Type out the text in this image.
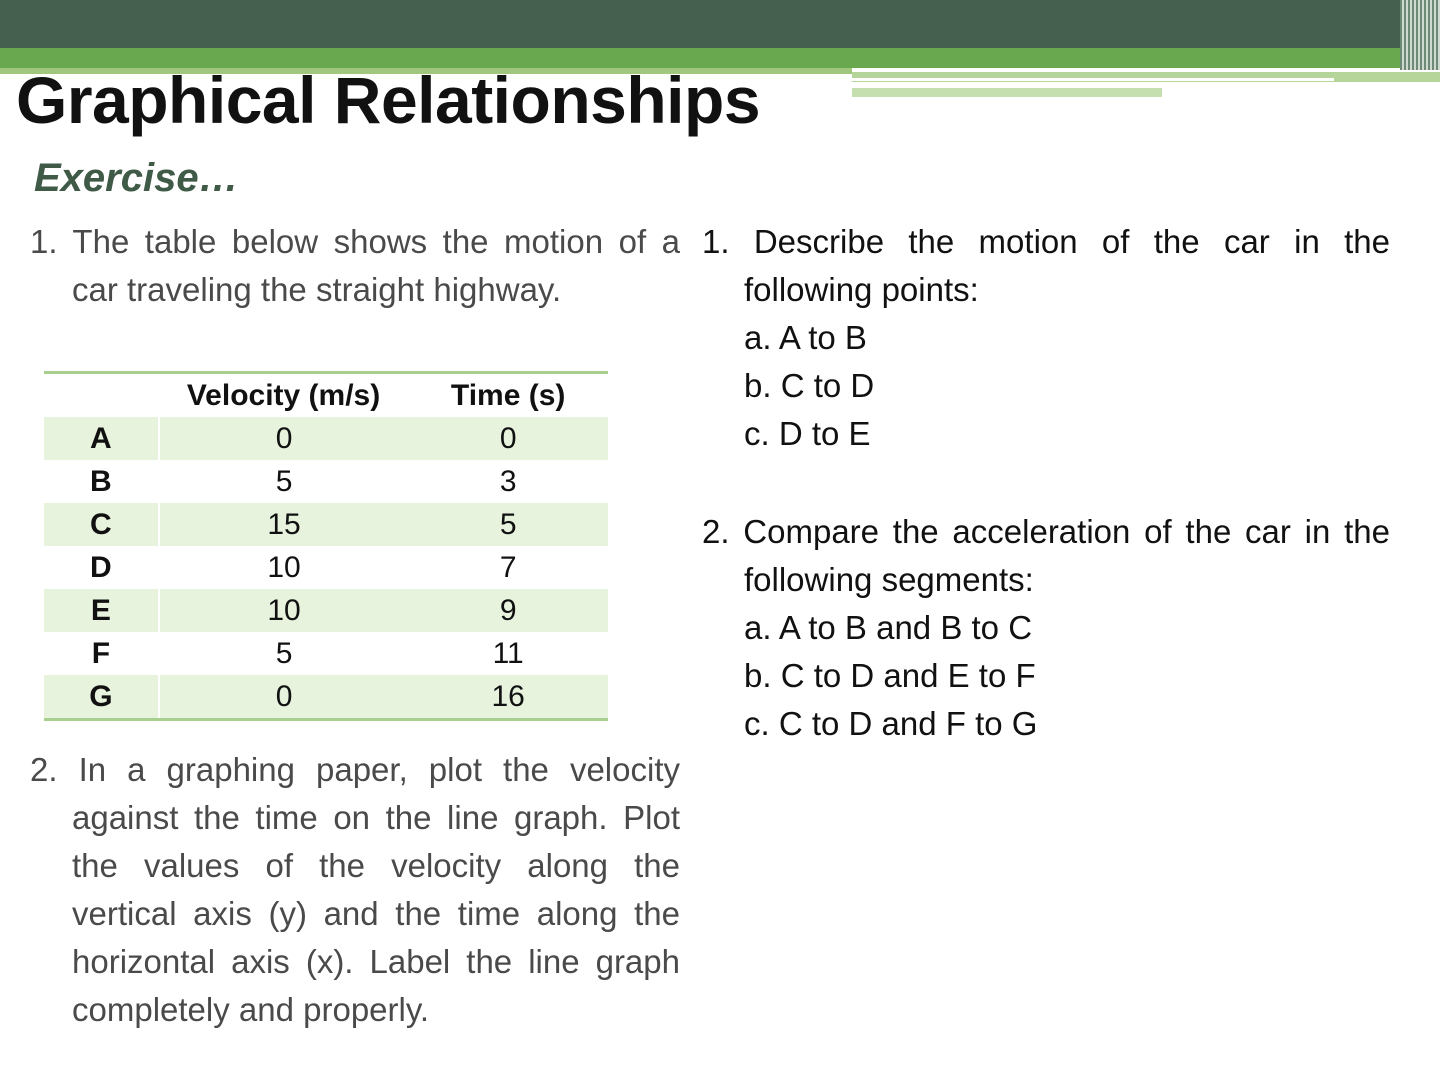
Graphical Relationships
Exercise…

1. The table below shows the motion of a car traveling the straight highway.

	Velocity (m/s)	Time (s)
A	0	0
B	5	3
C	15	5
D	10	7
E	10	9
F	5	11
G	0	16

2. In a graphing paper, plot the velocity against the time on the line graph. Plot the values of the velocity along the vertical axis (y) and the time along the horizontal axis (x). Label the line graph completely and properly.

1. Describe the motion of the car in the following points:

a. A to B

b. C to D

c. D to E

2. Compare the acceleration of the car in the following segments:

a. A to B and B to C

b. C to D and E to F

c. C to D and F to G
